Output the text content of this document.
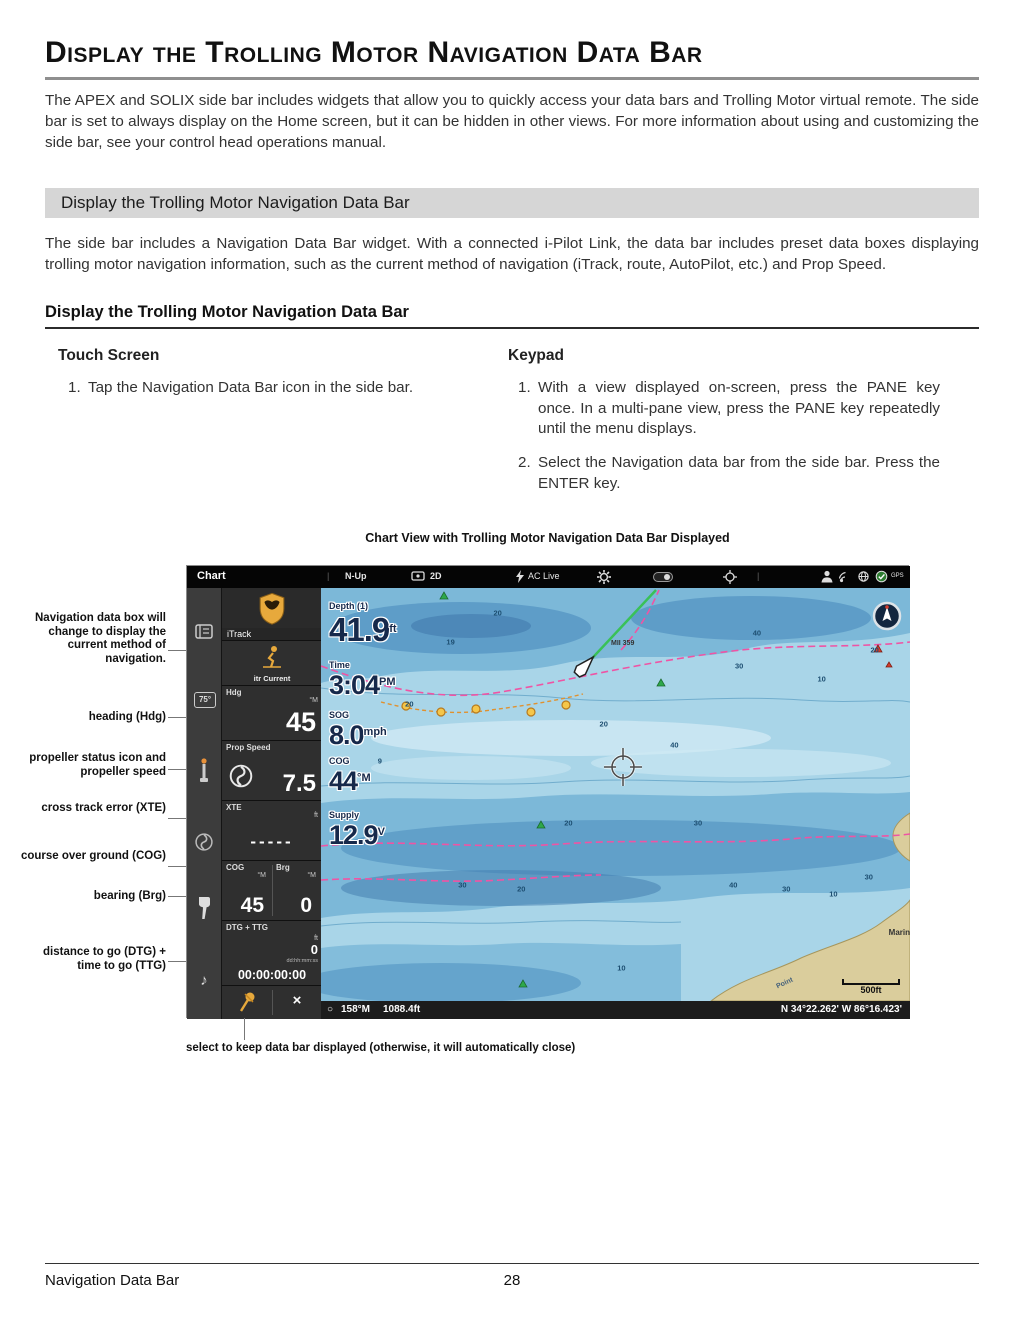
Display the Trolling Motor Navigation Data Bar

The APEX and SOLIX side bar includes widgets that allow you to quickly access your data bars and Trolling Motor virtual remote. The side bar is set to always display on the Home screen, but it can be hidden in other views. For more information about using and customizing the side bar, see your control head operations manual.

Display the Trolling Motor Navigation Data Bar

The side bar includes a Navigation Data Bar widget. With a connected i-Pilot Link, the data bar includes preset data boxes displaying trolling motor navigation information, such as the current method of navigation (iTrack, route, AutoPilot, etc.) and Prop Speed.

Display the Trolling Motor Navigation Data Bar
Touch Screen
1. Tap the Navigation Data Bar icon in the side bar.
Keypad
1. With a view displayed on-screen, press the PANE key once. In a multi-pane view, press the PANE key repeatedly until the menu displays.
2. Select the Navigation data bar from the side bar. Press the ENTER key.
Chart View with Trolling Motor Navigation Data Bar Displayed
Chart	| N-Up	2D	AC Live	|	GPS
75°
♪
iTrack
itr Current
Hdg
°M
45
Prop Speed
7.5
XTE
ft
-----
COG
°M
45
Brg
°M
0
DTG + TTG
ft
0
dd:hh:mm:ss
00:00:00:00
×
20
40
19
30
20
10
20
20
40
9
20	30
40	30	10
30
20
30
10
Depth (1)
$41.9^{ft}$
Time
$3:04^{PM}$
SOG
$8.0^{mph}$
COG
$44^{^\circ M}$
Supply
$12.9^V$
MII 359
Marin
Point	500ft
○ 158°M 1088.4ft	N 34°22.262' W 86°16.423'
Navigation data box will change to display the current method of navigation.
heading (Hdg)
propeller status icon and propeller speed
cross track error (XTE)
course over ground (COG)
bearing (Brg)
distance to go (DTG) + time to go (TTG)
select to keep data bar displayed (otherwise, it will automatically close)
Navigation Data Bar	28
